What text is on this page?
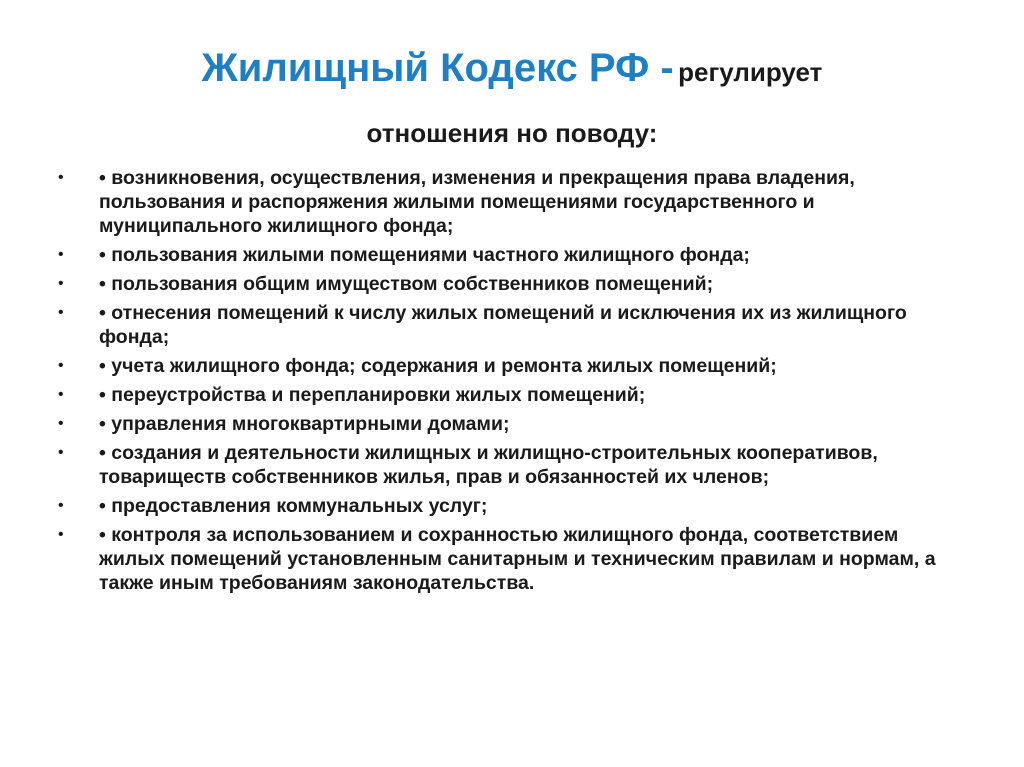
Жилищный Кодекс РФ - регулирует
отношения но поводу:
• • возникновения, осуществления, изменения и прекращения права владения, пользования и распоряжения жилыми помещениями государственного и муниципального жилищного фонда;
• • пользования жилыми помещениями частного жилищного фонда;
• • пользования общим имуществом собственников помещений;
• • отнесения помещений к числу жилых помещений и исключения их из жилищного фонда;
• • учета жилищного фонда; содержания и ремонта жилых помещений;
• • переустройства и перепланировки жилых помещений;
• • управления многоквартирными домами;
• • создания и деятельности жилищных и жилищно-строительных кооперативов, товариществ собственников жилья, прав и обязанностей их членов;
• • предоставления коммунальных услуг;
• • контроля за использованием и сохранностью жилищного фонда, соответствием жилых помещений установленным санитарным и техническим правилам и нормам, а также иным требованиям законодательства.
